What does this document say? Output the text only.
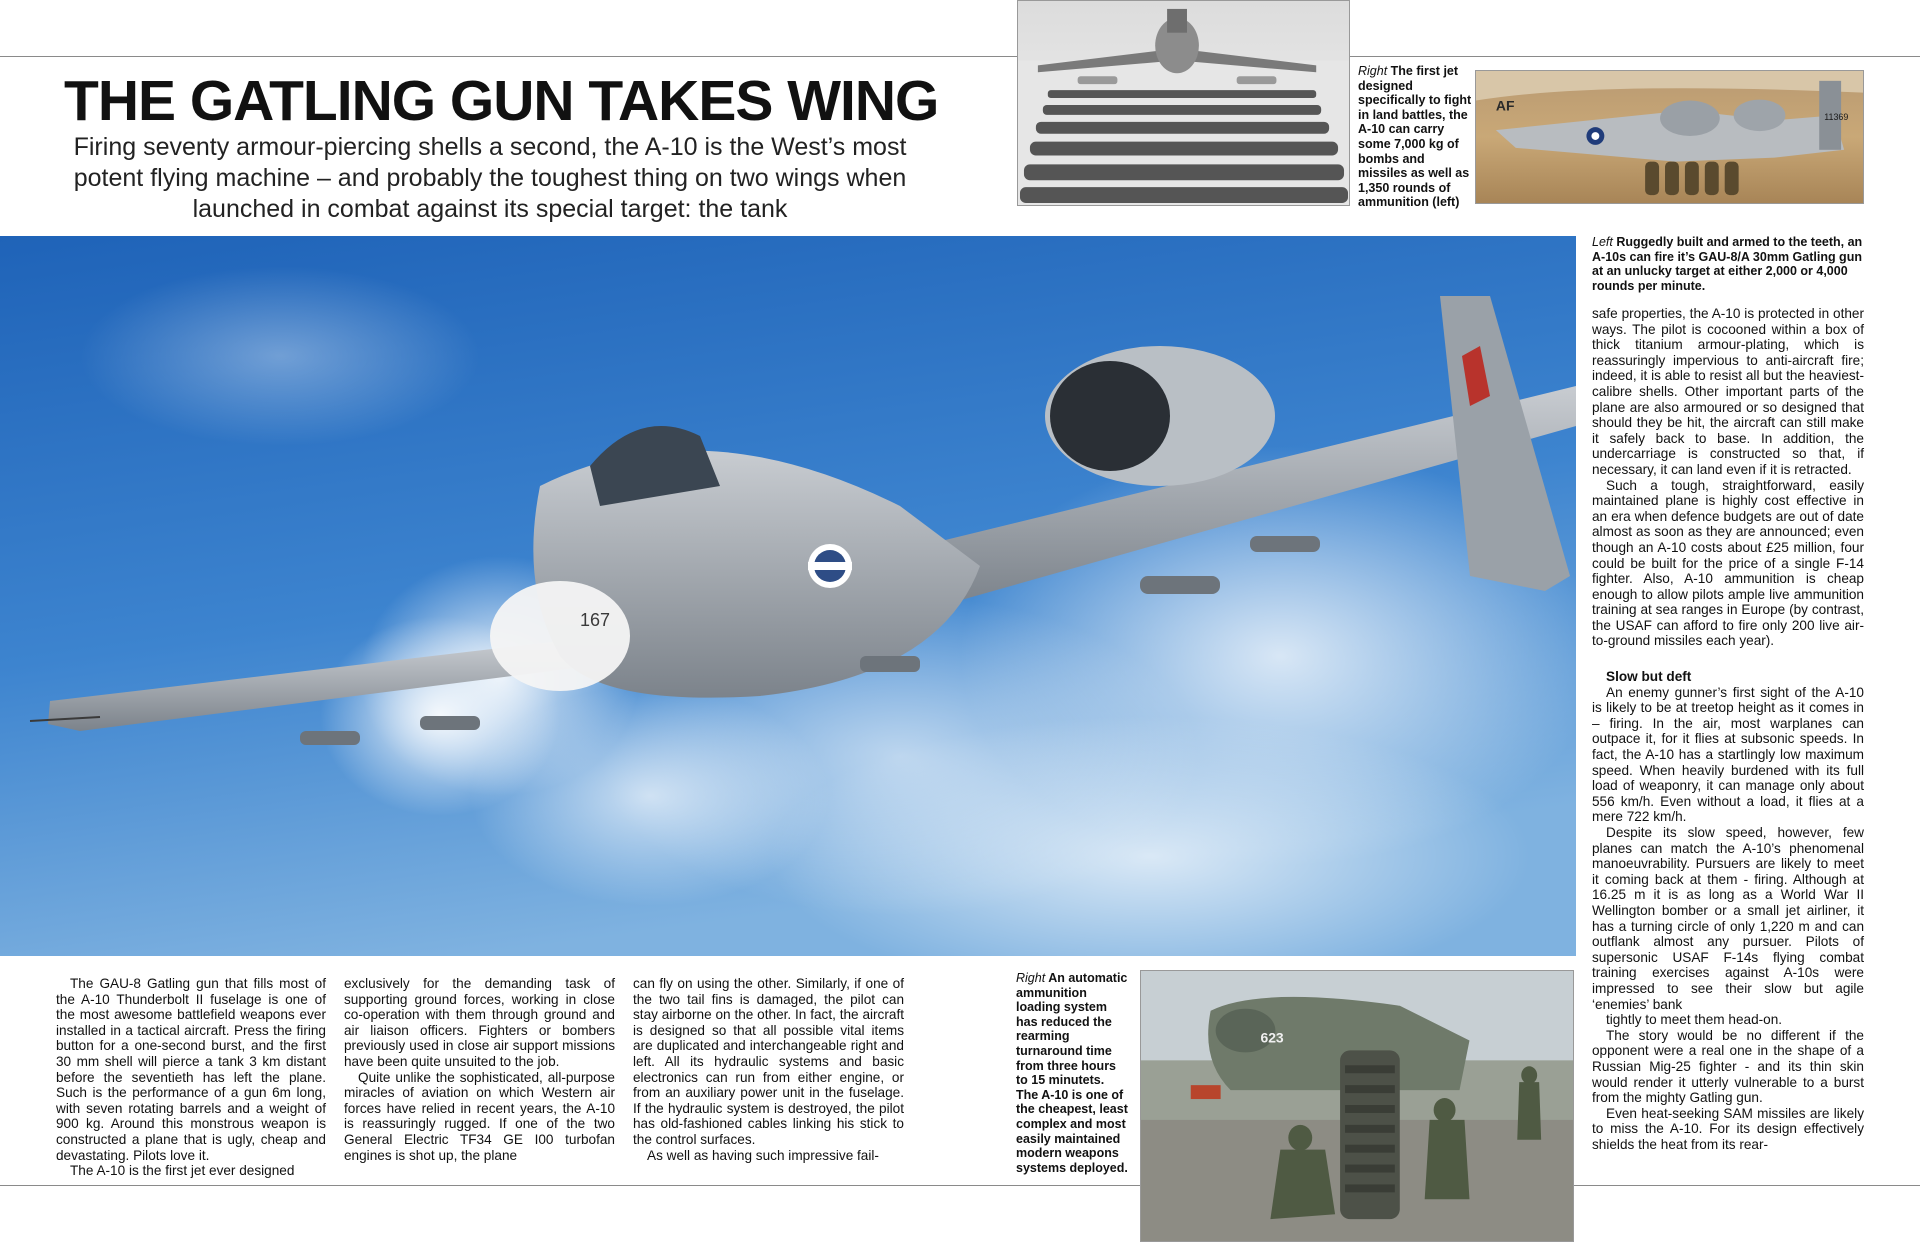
THE GATLING GUN TAKES WING

Firing seventy armour-piercing shells a second, the A-10 is the West’s most potent flying machine – and probably the toughest thing on two wings when launched in combat against its special target: the tank

Right The first jet designed specifically to fight in land battles, the A-10 can carry some 7,000 kg of bombs and missiles as well as 1,350 rounds of ammunition (left)
11369
AF
Left Ruggedly built and armed to the teeth, an A-10s can fire it’s GAU-8/A 30mm Gatling gun at an unlucky target at either 2,000 or 4,000 rounds per minute.
167

The GAU-8 Gatling gun that fills most of the A-10 Thunderbolt II fuselage is one of the most awesome battlefield weapons ever installed in a tactical aircraft. Press the firing button for a one-second burst, and the first 30 mm shell will pierce a tank 3 km distant before the seventieth has left the plane. Such is the performance of a gun 6m long, with seven rotating barrels and a weight of 900 kg. Around this monstrous weapon is constructed a plane that is ugly, cheap and devastating. Pilots love it.

The A-10 is the first jet ever designed

exclusively for the demanding task of supporting ground forces, working in close co-operation with them through ground and air liaison officers. Fighters or bombers previously used in close air support missions have been quite unsuited to the job.

Quite unlike the sophisticated, all-purpose miracles of aviation on which Western air forces have relied in recent years, the A-10 is reassuringly rugged. If one of the two General Electric TF34 GE I00 turbofan engines is shot up, the plane

can fly on using the other. Similarly, if one of the two tail fins is damaged, the pilot can stay airborne on the other. In fact, the aircraft is designed so that all possible vital items are duplicated and interchangeable right and left. All its hydraulic systems and basic electronics can run from either engine, or from an auxiliary power unit in the fuselage. If the hydraulic system is destroyed, the pilot has old-fashioned cables linking his stick to the control surfaces.

As well as having such impressive fail-

safe properties, the A-10 is protected in other ways. The pilot is cocooned within a box of thick titanium armour-plating, which is reassuringly impervious to anti-aircraft fire; indeed, it is able to resist all but the heaviest-calibre shells. Other important parts of the plane are also armoured or so designed that should they be hit, the aircraft can still make it safely back to base. In addition, the undercarriage is constructed so that, if necessary, it can land even if it is retracted.

Such a tough, straightforward, easily maintained plane is highly cost effective in an era when defence budgets are out of date almost as soon as they are announced; even though an A-10 costs about £25 million, four could be built for the price of a single F-14 fighter. Also, A-10 ammunition is cheap enough to allow pilots ample live ammunition training at sea ranges in Europe (by contrast, the USAF can afford to fire only 200 live air-to-ground missiles each year).

Slow but deft

An enemy gunner’s first sight of the A-10 is likely to be at treetop height as it comes in – firing. In the air, most warplanes can outpace it, for it flies at subsonic speeds. In fact, the A-10 has a startlingly low maximum speed. When heavily burdened with its full load of weaponry, it can manage only about 556 km/h. Even without a load, it flies at a mere 722 km/h.

Despite its slow speed, however, few planes can match the A-10’s phenomenal manoeuvrability. Pursuers are likely to meet it coming back at them - firing. Although at 16.25 m it is as long as a World War II Wellington bomber or a small jet airliner, it has a turning circle of only 1,220 m and can outflank almost any pursuer. Pilots of supersonic USAF F-14s flying combat training exercises against A-10s were impressed to see their slow but agile ‘enemies’ bank

tightly to meet them head-on.

The story would be no different if the opponent were a real one in the shape of a Russian Mig-25 fighter - and its thin skin would render it utterly vulnerable to a burst from the mighty Gatling gun.

Even heat-seeking SAM missiles are likely to miss the A-10. For its design effectively shields the heat from its rear-

Right An automatic ammunition loading system has reduced the rearming turnaround time from three hours to 15 minutets. The A-10 is one of the cheapest, least complex and most easily maintained modern weapons systems deployed.
623
